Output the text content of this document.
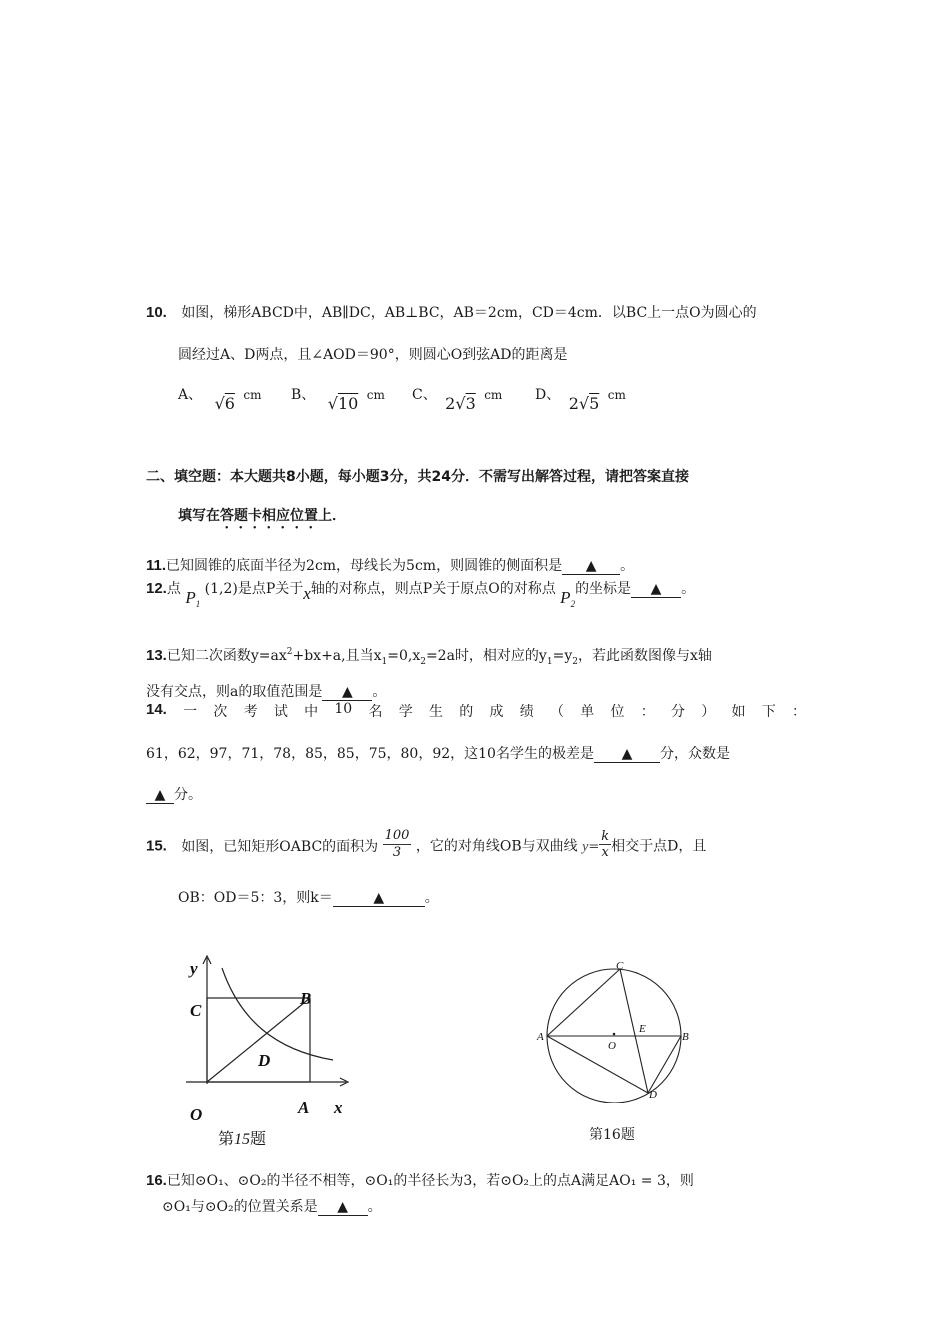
10. 如图，梯形ABCD中，AB∥DC，AB⊥BC，AB＝2cm，CD＝4cm．以BC上一点O为圆心的
圆经过A、D两点，且∠AOD＝90°，则圆心O到弦AD的距离是
A、 √6 cm B、 √10 cm C、 2√3 cm D、 2√5 cm
二、填空题：本大题共8小题，每小题3分，共24分．不需写出解答过程，请把答案直接
填写在答题卡相应位置上．
11.已知圆锥的底面半径为2cm，母线长为5cm，则圆锥的侧面积是 ▲ 。
12.点 $P_1$ (1,2)是点P关于x轴的对称点，则点P关于原点O的对称点 $P_2$的坐标是 ▲ 。
13.已知二次函数$y=ax^2+bx+a$,且当$x_1=0,x_2=2a$时，相对应的$y_1=y_2$，若此函数图像与x轴
没有交点，则a的取值范围是 ▲ 。
14. 一 次 考 试 中 10 名 学 生 的 成 绩 （ 单 位 ： 分 ） 如 下 ：
61，62，97，71，78，85，85，75，80，92，这10名学生的极差是 ▲ 分，众数是
▲ 分。
15. 如图，已知矩形OABC的面积为 $\frac{100}{3}$ ，它的对角线OB与双曲线 $y= \frac{k}{x}$ 相交于点D，且
OB：OD＝5：3，则k＝	▲	。
y
C
B
D
O	A x
第15题
C
A	B
E
O
D
第16题
16.已知⊙O₁、⊙O₂的半径不相等，⊙O₁的半径长为3，若⊙O₂上的点A满足AO₁ = 3，则
⊙O₁与⊙O₂的位置关系是 ▲ 。
